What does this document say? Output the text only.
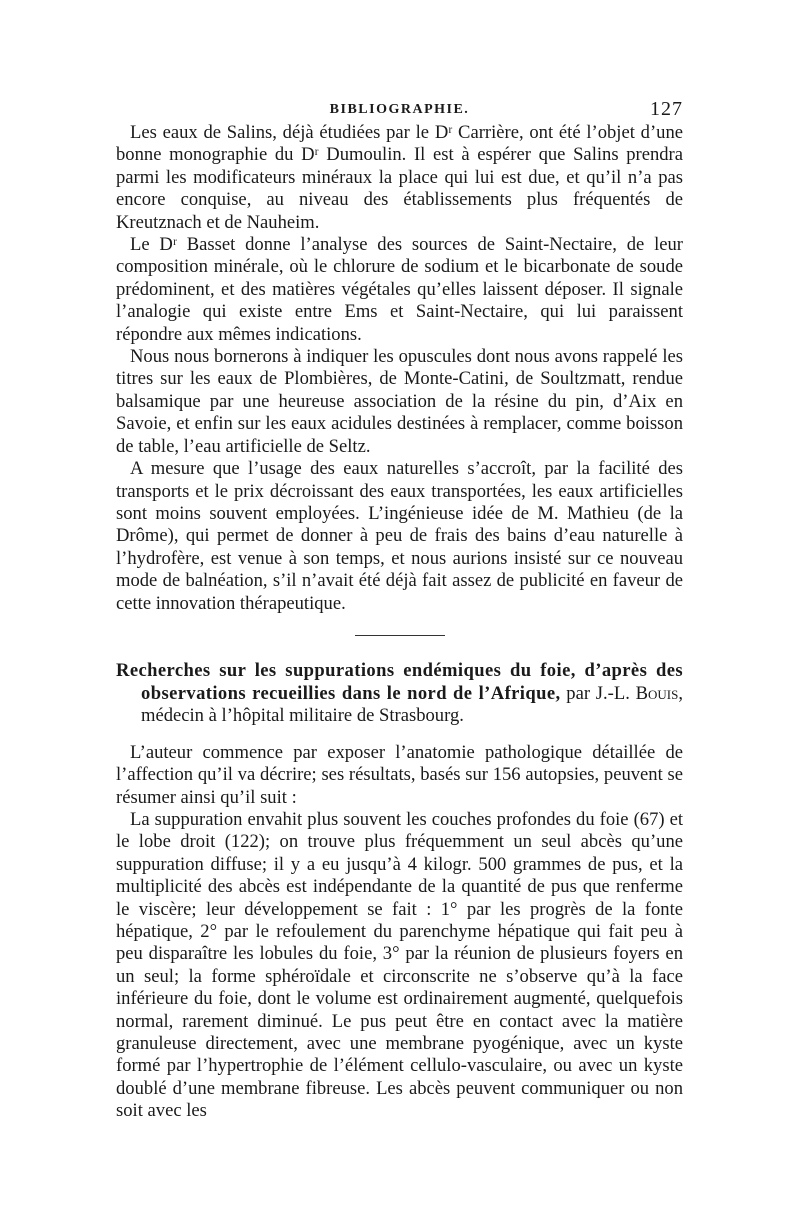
BIBLIOGRAPHIE.	127

Les eaux de Salins, déjà étudiées par le Dʳ Carrière, ont été l’objet d’une bonne monographie du Dʳ Dumoulin. Il est à espérer que Salins prendra parmi les modificateurs minéraux la place qui lui est due, et qu’il n’a pas encore conquise, au niveau des établissements plus fréquentés de Kreutznach et de Nauheim.

Le Dʳ Basset donne l’analyse des sources de Saint-Nectaire, de leur composition minérale, où le chlorure de sodium et le bicarbonate de soude prédominent, et des matières végétales qu’elles laissent déposer. Il signale l’analogie qui existe entre Ems et Saint-Nectaire, qui lui paraissent répondre aux mêmes indications.

Nous nous bornerons à indiquer les opuscules dont nous avons rappelé les titres sur les eaux de Plombières, de Monte-Catini, de Soultzmatt, rendue balsamique par une heureuse association de la résine du pin, d’Aix en Savoie, et enfin sur les eaux acidules destinées à remplacer, comme boisson de table, l’eau artificielle de Seltz.

A mesure que l’usage des eaux naturelles s’accroît, par la facilité des transports et le prix décroissant des eaux transportées, les eaux artificielles sont moins souvent employées. L’ingénieuse idée de M. Mathieu (de la Drôme), qui permet de donner à peu de frais des bains d’eau naturelle à l’hydrofère, est venue à son temps, et nous aurions insisté sur ce nouveau mode de balnéation, s’il n’avait été déjà fait assez de publicité en faveur de cette innovation thérapeutique.

Recherches sur les suppurations endémiques du foie, d’après des observations recueillies dans le nord de l’Afrique, par J.-L. Bouis, médecin à l’hôpital militaire de Strasbourg.

L’auteur commence par exposer l’anatomie pathologique détaillée de l’affection qu’il va décrire; ses résultats, basés sur 156 autopsies, peuvent se résumer ainsi qu’il suit :

La suppuration envahit plus souvent les couches profondes du foie (67) et le lobe droit (122); on trouve plus fréquemment un seul abcès qu’une suppuration diffuse; il y a eu jusqu’à 4 kilogr. 500 grammes de pus, et la multiplicité des abcès est indépendante de la quantité de pus que renferme le viscère; leur développement se fait : 1° par les progrès de la fonte hépatique, 2° par le refoulement du parenchyme hépatique qui fait peu à peu disparaître les lobules du foie, 3° par la réunion de plusieurs foyers en un seul; la forme sphéroïdale et circonscrite ne s’observe qu’à la face inférieure du foie, dont le volume est ordinairement augmenté, quelquefois normal, rarement diminué. Le pus peut être en contact avec la matière granuleuse directement, avec une membrane pyogénique, avec un kyste formé par l’hypertrophie de l’élément cellulo-vasculaire, ou avec un kyste doublé d’une membrane fibreuse. Les abcès peuvent communiquer ou non soit avec les
